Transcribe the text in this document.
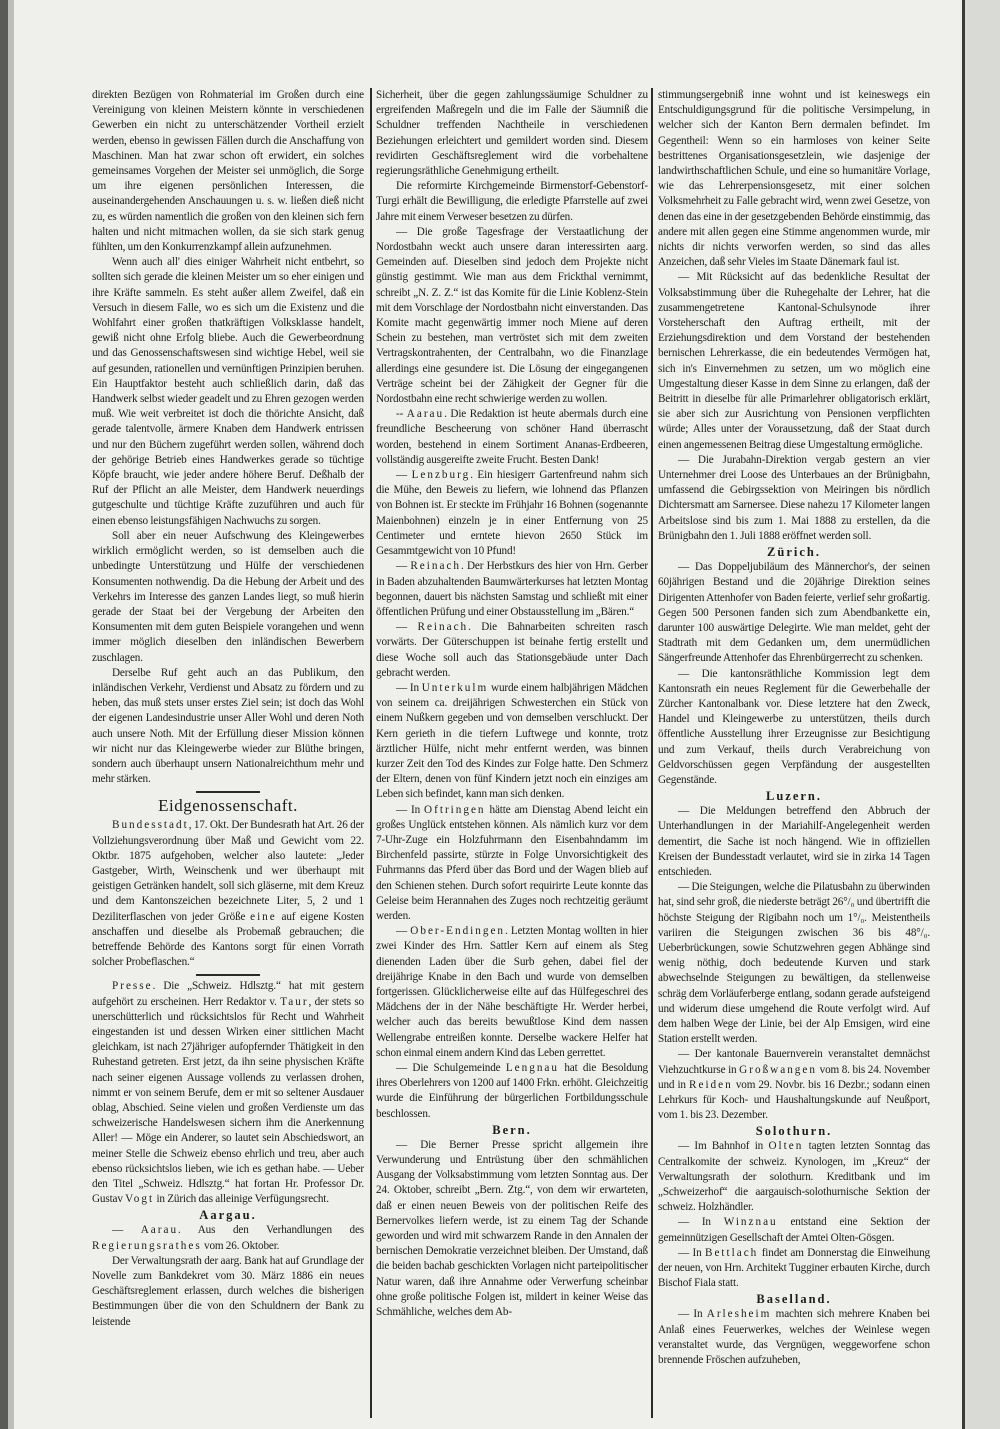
direkten Bezügen von Rohmaterial im Großen durch eine Vereinigung von kleinen Meistern könnte in verschiedenen Gewerben ein nicht zu unterschätzender Vortheil erzielt werden, ebenso in gewissen Fällen durch die Anschaffung von Maschinen. Man hat zwar schon oft erwidert, ein solches gemeinsames Vorgehen der Meister sei unmöglich, die Sorge um ihre eigenen persönlichen Interessen, die auseinandergehenden Anschauungen u. s. w. ließen dieß nicht zu, es würden namentlich die großen von den kleinen sich fern halten und nicht mitmachen wollen, da sie sich stark genug fühlten, um den Konkurrenzkampf allein aufzunehmen.

Wenn auch all' dies einiger Wahrheit nicht entbehrt, so sollten sich gerade die kleinen Meister um so eher einigen und ihre Kräfte sammeln. Es steht außer allem Zweifel, daß ein Versuch in diesem Falle, wo es sich um die Existenz und die Wohlfahrt einer großen thatkräftigen Volksklasse handelt, gewiß nicht ohne Erfolg bliebe. Auch die Gewerbeordnung und das Genossenschaftswesen sind wichtige Hebel, weil sie auf gesunden, rationellen und vernünftigen Prinzipien beruhen. Ein Hauptfaktor besteht auch schließlich darin, daß das Handwerk selbst wieder geadelt und zu Ehren gezogen werden muß. Wie weit verbreitet ist doch die thörichte Ansicht, daß gerade talentvolle, ärmere Knaben dem Handwerk entrissen und nur den Büchern zugeführt werden sollen, während doch der gehörige Betrieb eines Handwerkes gerade so tüchtige Köpfe braucht, wie jeder andere höhere Beruf. Deßhalb der Ruf der Pflicht an alle Meister, dem Handwerk neuerdings gutgeschulte und tüchtige Kräfte zuzuführen und auch für einen ebenso leistungsfähigen Nachwuchs zu sorgen.

Soll aber ein neuer Aufschwung des Kleingewerbes wirklich ermöglicht werden, so ist demselben auch die unbedingte Unterstützung und Hülfe der verschiedenen Konsumenten nothwendig. Da die Hebung der Arbeit und des Verkehrs im Interesse des ganzen Landes liegt, so muß hierin gerade der Staat bei der Vergebung der Arbeiten den Konsumenten mit dem guten Beispiele vorangehen und wenn immer möglich dieselben den inländischen Bewerbern zuschlagen.

Derselbe Ruf geht auch an das Publikum, den inländischen Verkehr, Verdienst und Absatz zu fördern und zu heben, das muß stets unser erstes Ziel sein; ist doch das Wohl der eigenen Landesindustrie unser Aller Wohl und deren Noth auch unsere Noth. Mit der Erfüllung dieser Mission können wir nicht nur das Kleingewerbe wieder zur Blüthe bringen, sondern auch überhaupt unsern Nationalreichthum mehr und mehr stärken.

Eidgenossenschaft.

Bundesstadt, 17. Okt. Der Bundesrath hat Art. 26 der Vollziehungsverordnung über Maß und Gewicht vom 22. Oktbr. 1875 aufgehoben, welcher also lautete: „Jeder Gastgeber, Wirth, Weinschenk und wer überhaupt mit geistigen Getränken handelt, soll sich gläserne, mit dem Kreuz und dem Kantonszeichen bezeichnete Liter, 5, 2 und 1 Deziliterflaschen von jeder Größe eine auf eigene Kosten anschaffen und dieselbe als Probemaß gebrauchen; die betreffende Behörde des Kantons sorgt für einen Vorrath solcher Probeflaschen.“

Presse. Die „Schweiz. Hdlsztg.“ hat mit gestern aufgehört zu erscheinen. Herr Redaktor v. Taur, der stets so unerschütterlich und rücksichtslos für Recht und Wahrheit eingestanden ist und dessen Wirken einer sittlichen Macht gleichkam, ist nach 27jähriger aufopfernder Thätigkeit in den Ruhestand getreten. Erst jetzt, da ihn seine physischen Kräfte nach seiner eigenen Aussage vollends zu verlassen drohen, nimmt er von seinem Berufe, dem er mit so seltener Ausdauer oblag, Abschied. Seine vielen und großen Verdienste um das schweizerische Handelswesen sichern ihm die Anerkennung Aller! — Möge ein Anderer, so lautet sein Abschiedswort, an meiner Stelle die Schweiz ebenso ehrlich und treu, aber auch ebenso rücksichtslos lieben, wie ich es gethan habe. — Ueber den Titel „Schweiz. Hdlsztg.“ hat fortan Hr. Professor Dr. Gustav Vogt in Zürich das alleinige Verfügungsrecht.

Aargau.

— Aarau. Aus den Verhandlungen des Regierungsrathes vom 26. Oktober.

Der Verwaltungsrath der aarg. Bank hat auf Grundlage der Novelle zum Bankdekret vom 30. März 1886 ein neues Geschäftsreglement erlassen, durch welches die bisherigen Bestimmungen über die von den Schuldnern der Bank zu leistende

Sicherheit, über die gegen zahlungssäumige Schuldner zu ergreifenden Maßregeln und die im Falle der Säumniß die Schuldner treffenden Nachtheile in verschiedenen Beziehungen erleichtert und gemildert worden sind. Diesem revidirten Geschäftsreglement wird die vorbehaltene regierungsräthliche Genehmigung ertheilt.

Die reformirte Kirchgemeinde Birmenstorf-Gebenstorf-Turgi erhält die Bewilligung, die erledigte Pfarrstelle auf zwei Jahre mit einem Verweser besetzen zu dürfen.

— Die große Tagesfrage der Verstaatlichung der Nordostbahn weckt auch unsere daran interessirten aarg. Gemeinden auf. Dieselben sind jedoch dem Projekte nicht günstig gestimmt. Wie man aus dem Frickthal vernimmt, schreibt „N. Z. Z.“ ist das Komite für die Linie Koblenz-Stein mit dem Vorschlage der Nordostbahn nicht einverstanden. Das Komite macht gegenwärtig immer noch Miene auf deren Schein zu bestehen, man vertröstet sich mit dem zweiten Vertragskontrahenten, der Centralbahn, wo die Finanzlage allerdings eine gesundere ist. Die Lösung der eingegangenen Verträge scheint bei der Zähigkeit der Gegner für die Nordostbahn eine recht schwierige werden zu wollen.

-- Aarau. Die Redaktion ist heute abermals durch eine freundliche Bescheerung von schöner Hand überrascht worden, bestehend in einem Sortiment Ananas-Erdbeeren, vollständig ausgereifte zweite Frucht. Besten Dank!

— Lenzburg. Ein hiesigerr Gartenfreund nahm sich die Mühe, den Beweis zu liefern, wie lohnend das Pflanzen von Bohnen ist. Er steckte im Frühjahr 16 Bohnen (sogenannte Maienbohnen) einzeln je in einer Entfernung von 25 Centimeter und erntete hievon 2650 Stück im Gesammtgewicht von 10 Pfund!

— Reinach. Der Herbstkurs des hier von Hrn. Gerber in Baden abzuhaltenden Baumwärterkurses hat letzten Montag begonnen, dauert bis nächsten Samstag und schließt mit einer öffentlichen Prüfung und einer Obstausstellung im „Bären.“

— Reinach. Die Bahnarbeiten schreiten rasch vorwärts. Der Güterschuppen ist beinahe fertig erstellt und diese Woche soll auch das Stationsgebäude unter Dach gebracht werden.

— In Unterkulm wurde einem halbjährigen Mädchen von seinem ca. dreijährigen Schwesterchen ein Stück von einem Nußkern gegeben und von demselben verschluckt. Der Kern gerieth in die tiefern Luftwege und konnte, trotz ärztlicher Hülfe, nicht mehr entfernt werden, was binnen kurzer Zeit den Tod des Kindes zur Folge hatte. Den Schmerz der Eltern, denen von fünf Kindern jetzt noch ein einziges am Leben sich befindet, kann man sich denken.

— In Oftringen hätte am Dienstag Abend leicht ein großes Unglück entstehen können. Als nämlich kurz vor dem 7-Uhr-Zuge ein Holzfuhrmann den Eisenbahndamm im Birchenfeld passirte, stürzte in Folge Unvorsichtigkeit des Fuhrmanns das Pferd über das Bord und der Wagen blieb auf den Schienen stehen. Durch sofort requirirte Leute konnte das Geleise beim Herannahen des Zuges noch rechtzeitig geräumt werden.

— Ober-Endingen. Letzten Montag wollten in hier zwei Kinder des Hrn. Sattler Kern auf einem als Steg dienenden Laden über die Surb gehen, dabei fiel der dreijährige Knabe in den Bach und wurde von demselben fortgerissen. Glücklicherweise eilte auf das Hülfegeschrei des Mädchens der in der Nähe beschäftigte Hr. Werder herbei, welcher auch das bereits bewußtlose Kind dem nassen Wellengrabe entreißen konnte. Derselbe wackere Helfer hat schon einmal einem andern Kind das Leben gerrettet.

— Die Schulgemeinde Lengnau hat die Besoldung ihres Oberlehrers von 1200 auf 1400 Frkn. erhöht. Gleichzeitig wurde die Einführung der bürgerlichen Fortbildungsschule beschlossen.

Bern.

— Die Berner Presse spricht allgemein ihre Verwunderung und Entrüstung über den schmählichen Ausgang der Volksabstimmung vom letzten Sonntag aus. Der 24. Oktober, schreibt „Bern. Ztg.“, von dem wir erwarteten, daß er einen neuen Beweis von der politischen Reife des Bernervolkes liefern werde, ist zu einem Tag der Schande geworden und wird mit schwarzem Rande in den Annalen der bernischen Demokratie verzeichnet bleiben. Der Umstand, daß die beiden bachab geschickten Vorlagen nicht parteipolitischer Natur waren, daß ihre Annahme oder Verwerfung scheinbar ohne große politische Folgen ist, mildert in keiner Weise das Schmähliche, welches dem Ab-

stimmungsergebniß inne wohnt und ist keineswegs ein Entschuldigungsgrund für die politische Versimpelung, in welcher sich der Kanton Bern dermalen befindet. Im Gegentheil: Wenn so ein harmloses von keiner Seite bestrittenes Organisationsgesetzlein, wie dasjenige der landwirthschaftlichen Schule, und eine so humanitäre Vorlage, wie das Lehrerpensionsgesetz, mit einer solchen Volksmehrheit zu Falle gebracht wird, wenn zwei Gesetze, von denen das eine in der gesetzgebenden Behörde einstimmig, das andere mit allen gegen eine Stimme angenommen wurde, mir nichts dir nichts verworfen werden, so sind das alles Anzeichen, daß sehr Vieles im Staate Dänemark faul ist.

— Mit Rücksicht auf das bedenkliche Resultat der Volksabstimmung über die Ruhegehalte der Lehrer, hat die zusammengetretene Kantonal-Schulsynode ihrer Vorsteherschaft den Auftrag ertheilt, mit der Erziehungsdirektion und dem Vorstand der bestehenden bernischen Lehrerkasse, die ein bedeutendes Vermögen hat, sich in's Einvernehmen zu setzen, um wo möglich eine Umgestaltung dieser Kasse in dem Sinne zu erlangen, daß der Beitritt in dieselbe für alle Primarlehrer obligatorisch erklärt, sie aber sich zur Ausrichtung von Pensionen verpflichten würde; Alles unter der Voraussetzung, daß der Staat durch einen angemessenen Beitrag diese Umgestaltung ermögliche.

— Die Jurabahn-Direktion vergab gestern an vier Unternehmer drei Loose des Unterbaues an der Brünigbahn, umfassend die Gebirgssektion von Meiringen bis nördlich Dichtersmatt am Sarnersee. Diese nahezu 17 Kilometer langen Arbeitslose sind bis zum 1. Mai 1888 zu erstellen, da die Brünigbahn den 1. Juli 1888 eröffnet werden soll.

Zürich.

— Das Doppeljubiläum des Männerchor's, der seinen 60jährigen Bestand und die 20jährige Direktion seines Dirigenten Attenhofer von Baden feierte, verlief sehr großartig. Gegen 500 Personen fanden sich zum Abendbankette ein, darunter 100 auswärtige Delegirte. Wie man meldet, geht der Stadtrath mit dem Gedanken um, dem unermüdlichen Sängerfreunde Attenhofer das Ehrenbürgerrecht zu schenken.

— Die kantonsräthliche Kommission legt dem Kantonsrath ein neues Reglement für die Gewerbehalle der Zürcher Kantonalbank vor. Diese letztere hat den Zweck, Handel und Kleingewerbe zu unterstützen, theils durch öffentliche Ausstellung ihrer Erzeugnisse zur Besichtigung und zum Verkauf, theils durch Verabreichung von Geldvorschüssen gegen Verpfändung der ausgestellten Gegenstände.

Luzern.

— Die Meldungen betreffend den Abbruch der Unterhandlungen in der Mariahilf-Angelegenheit werden dementirt, die Sache ist noch hängend. Wie in offiziellen Kreisen der Bundesstadt verlautet, wird sie in zirka 14 Tagen entschieden.

— Die Steigungen, welche die Pilatusbahn zu überwinden hat, sind sehr groß, die niederste beträgt 26°/₀ und übertrifft die höchste Steigung der Rigibahn noch um 1°/₀. Meistentheils variiren die Steigungen zwischen 36 bis 48°/₀. Ueberbrückungen, sowie Schutzwehren gegen Abhänge sind wenig nöthig, doch bedeutende Kurven und stark abwechselnde Steigungen zu bewältigen, da stellenweise schräg dem Vorläuferberge entlang, sodann gerade aufsteigend und widerum diese umgehend die Route verfolgt wird. Auf dem halben Wege der Linie, bei der Alp Emsigen, wird eine Station erstellt werden.

— Der kantonale Bauernverein veranstaltet demnächst Viehzuchtkurse in Großwangen vom 8. bis 24. November und in Reiden vom 29. Novbr. bis 16 Dezbr.; sodann einen Lehrkurs für Koch- und Haushaltungskunde auf Neußport, vom 1. bis 23. Dezember.

Solothurn.

— Im Bahnhof in Olten tagten letzten Sonntag das Centralkomite der schweiz. Kynologen, im „Kreuz“ der Verwaltungsrath der solothurn. Kreditbank und im „Schweizerhof“ die aargauisch-solothurnische Sektion der schweiz. Holzhändler.

— In Winznau entstand eine Sektion der gemeinnützigen Gesellschaft der Amtei Olten-Gösgen.

— In Bettlach findet am Donnerstag die Einweihung der neuen, von Hrn. Architekt Tugginer erbauten Kirche, durch Bischof Fiala statt.

Baselland.

— In Arlesheim machten sich mehrere Knaben bei Anlaß eines Feuerwerkes, welches der Weinlese wegen veranstaltet wurde, das Vergnügen, weggeworfene schon brennende Fröschen aufzuheben,
